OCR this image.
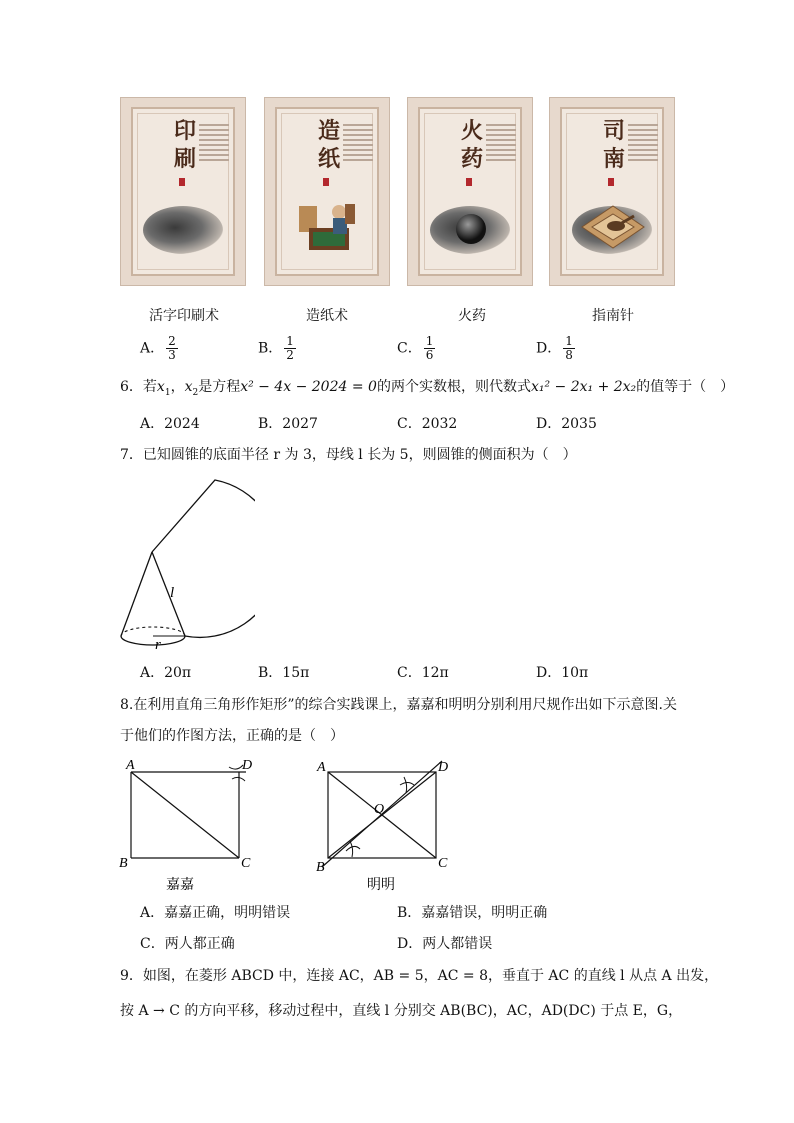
印
刷
造
纸
火
药
司
南
活字印刷术	造纸术	火药	指南针
A． $\frac{2}{3}$	B． $\frac{1}{2}$	C． $\frac{1}{6}$	D． $\frac{1}{8}$
6．若$x_1$，$x_2$是方程x² − 4x − 2024 = 0的两个实数根，则代数式x₁² − 2x₁ + 2x₂的值等于（　）
A．2024	B．2027	C．2032	D．2035
7．已知圆锥的底面半径 r 为 3，母线 l 长为 5，则圆锥的侧面积为（　）
l
r
A．20π	B．15π	C．12π	D．10π
8.在利用直角三角形作矩形”的综合实践课上，嘉嘉和明明分别利用尺规作出如下示意图.关
于他们的作图方法，正确的是（　）
A	D
B	C
嘉嘉
A	D
B	C
O
明明
A．嘉嘉正确，明明错误	B．嘉嘉错误，明明正确
C．两人都正确	D．两人都错误
9．如图，在菱形 ABCD 中，连接 AC，AB = 5，AC = 8，垂直于 AC 的直线 l 从点 A 出发，
按 A → C 的方向平移，移动过程中，直线 l 分别交 AB(BC)，AC，AD(DC) 于点 E，G，
